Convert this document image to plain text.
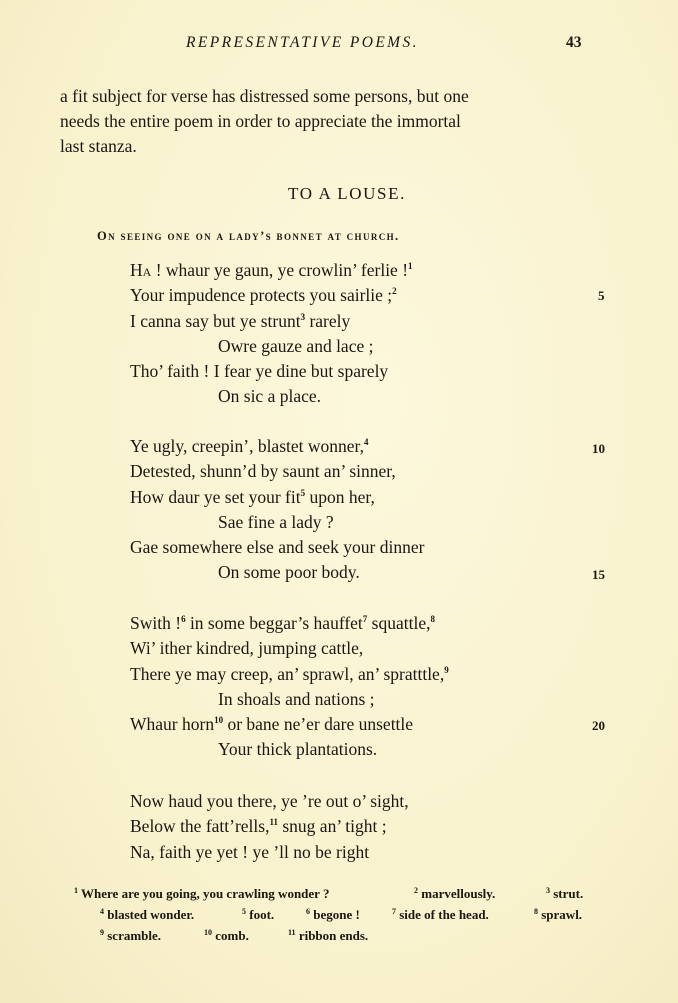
REPRESENTATIVE POEMS.	43
a fit subject for verse has distressed some persons, but one
needs the entire poem in order to appreciate the immortal
last stanza.
TO A LOUSE.
On seeing one on a lady’s bonnet at church.
Ha ! whaur ye gaun, ye crowlin’ ferlie !$^1$
Your impudence protects you sairlie ;$^2$
I canna say but ye strunt$^3$ rarely
Owre gauze and lace ;
Tho’ faith ! I fear ye dine but sparely
On sic a place.
Ye ugly, creepin’, blastet wonner,$^4$
Detested, shunn’d by saunt an’ sinner,
How daur ye set your fit$^5$ upon her,
Sae fine a lady ?
Gae somewhere else and seek your dinner
On some poor body.
Swith !$^6$ in some beggar’s hauffet$^7$ squattle,$^8$
Wi’ ither kindred, jumping cattle,
There ye may creep, an’ sprawl, an’ spratttle,$^9$
In shoals and nations ;
Whaur horn$^{10}$ or bane ne’er dare unsettle
Your thick plantations.
Now haud you there, ye ’re out o’ sight,
Below the fatt’rells,$^{11}$ snug an’ tight ;
Na, faith ye yet ! ye ’ll no be right
5
10
15
20
$^1$ Where are you going, you crawling wonder ?	$^2$ marvellously.	$^3$ strut.
$^4$ blasted wonder.	$^5$ foot.	$^6$ begone !	$^7$ side of the head.	$^8$ sprawl.
$^9$ scramble.	$^{10}$ comb.	$^{11}$ ribbon ends.
